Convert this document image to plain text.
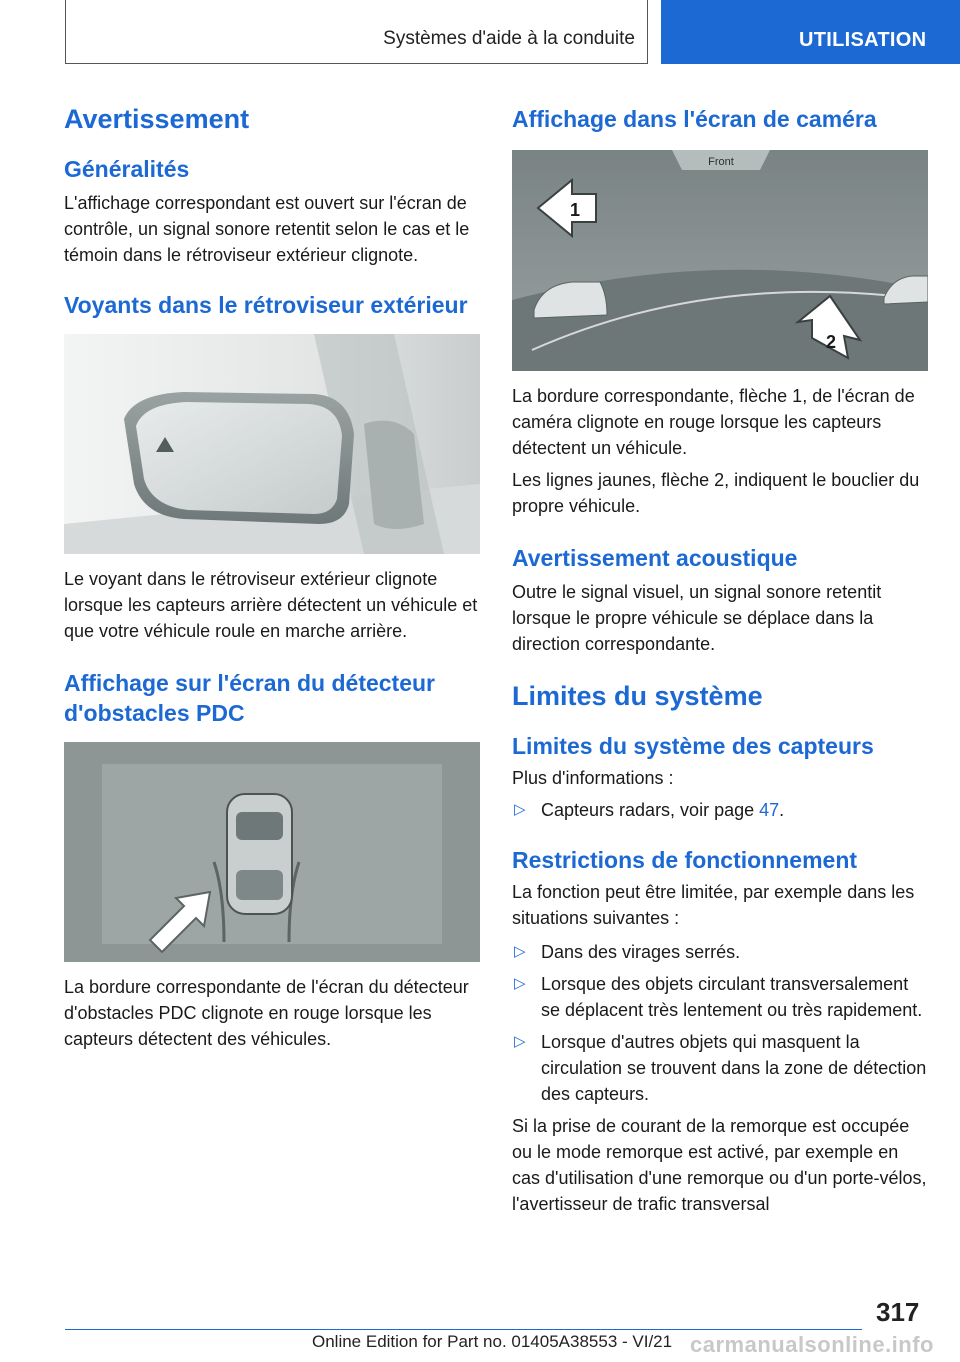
Systèmes d'aide à la conduite	UTILISATION
Avertissement
Généralités

L'affichage correspondant est ouvert sur l'écran de contrôle, un signal sonore retentit selon le cas et le témoin dans le rétroviseur extérieur clignote.

Voyants dans le rétroviseur extérieur

Le voyant dans le rétroviseur extérieur clignote lorsque les capteurs arrière détectent un véhicule et que votre véhicule roule en marche arrière.

Affichage sur l'écran du détecteur d'obstacles PDC

La bordure correspondante de l'écran du détecteur d'obstacles PDC clignote en rouge lorsque les capteurs détectent des véhicules.

Affichage dans l'écran de caméra
Front
1
2

La bordure correspondante, flèche 1, de l'écran de caméra clignote en rouge lorsque les capteurs détectent un véhicule.

Les lignes jaunes, flèche 2, indiquent le bouclier du propre véhicule.

Avertissement acoustique

Outre le signal visuel, un signal sonore retentit lorsque le propre véhicule se déplace dans la direction correspondante.

Limites du système
Limites du système des capteurs

Plus d'informations :

▷ Capteurs radars, voir page 47.
Restrictions de fonctionnement

La fonction peut être limitée, par exemple dans les situations suivantes :

▷ Dans des virages serrés.
▷ Lorsque des objets circulant transversalement se déplacent très lentement ou très rapidement.
▷ Lorsque d'autres objets qui masquent la circulation se trouvent dans la zone de détection des capteurs.

Si la prise de courant de la remorque est occupée ou le mode remorque est activé, par exemple en cas d'utilisation d'une remorque ou d'un porte-vélos, l'avertisseur de trafic transversal

317
Online Edition for Part no. 01405A38553 - VI/21 carmanualsonline.info
